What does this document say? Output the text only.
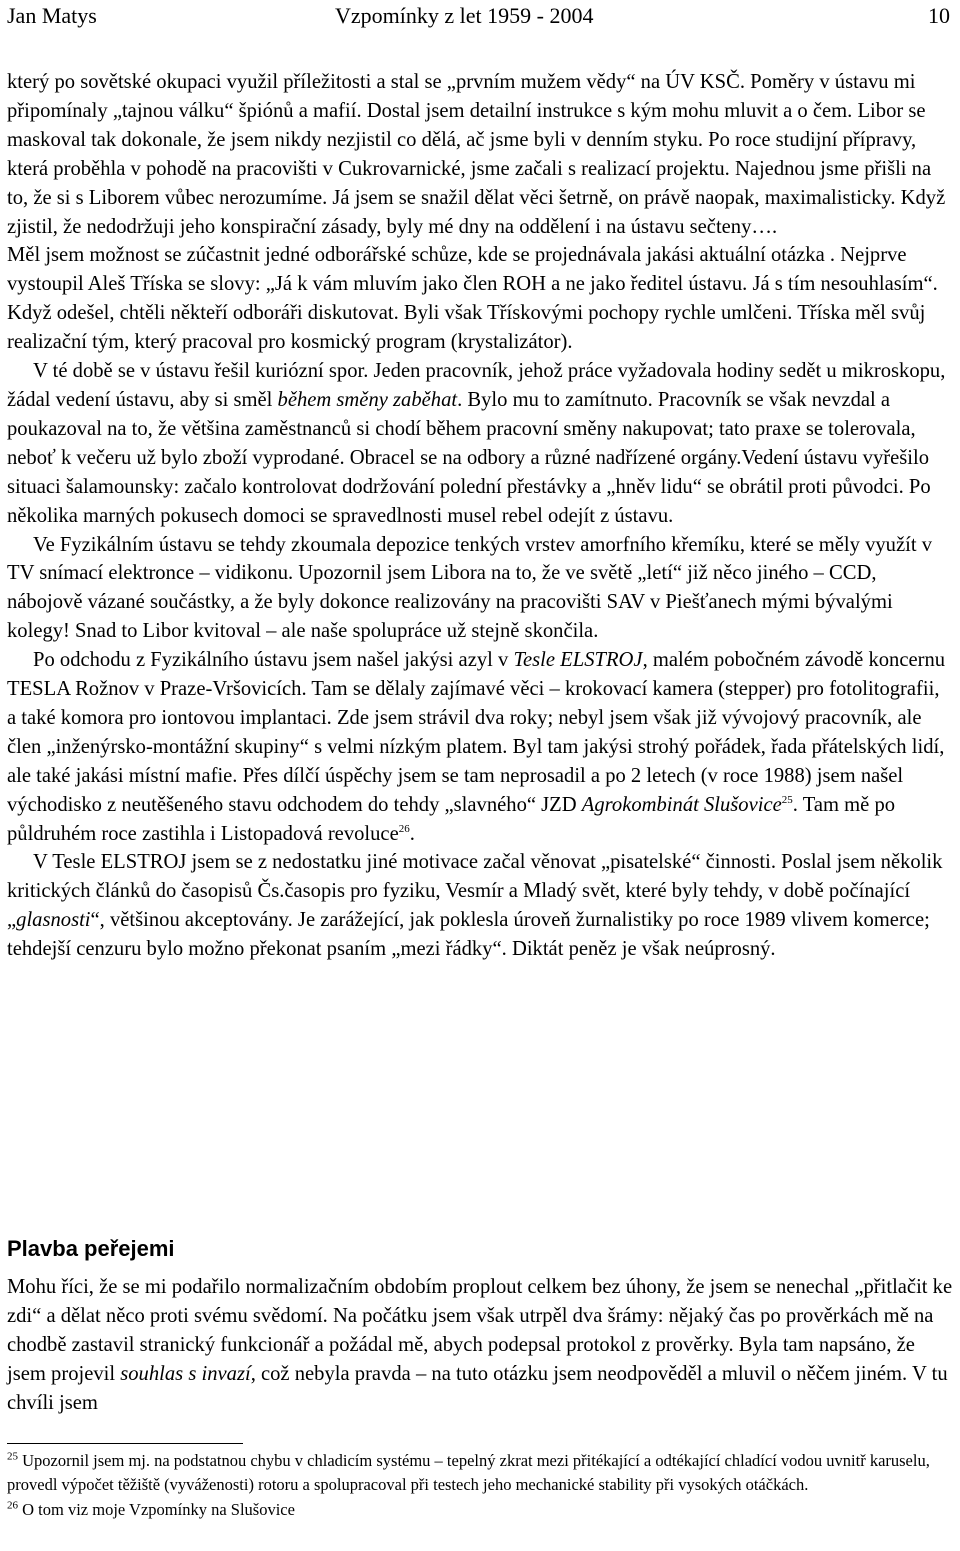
Jan Matys	Vzpomínky z let 1959 - 2004	10

který po sovětské okupaci využil příležitosti a stal se „prvním mužem vědy“ na ÚV KSČ. Poměry v ústavu mi připomínaly „tajnou válku“ špiónů a mafií. Dostal jsem detailní instrukce s kým mohu mluvit a o čem. Libor se maskoval tak dokonale, že jsem nikdy nezjistil co dělá, ač jsme byli v denním styku. Po roce studijní přípravy, která proběhla v pohodě na pracovišti v Cukrovarnické, jsme začali s realizací projektu. Najednou jsme přišli na to, že si s Liborem vůbec nerozumíme. Já jsem se snažil dělat věci šetrně, on právě naopak, maximalisticky. Když zjistil, že nedodržuji jeho konspirační zásady, byly mé dny na oddělení i na ústavu sečteny….

Měl jsem možnost se zúčastnit jedné odborářské schůze, kde se projednávala jakási aktuální otázka . Nejprve vystoupil Aleš Tříska se slovy: „Já k vám mluvím jako člen ROH a ne jako ředitel ústavu. Já s tím nesouhlasím“. Když odešel, chtěli někteří odboráři diskutovat. Byli však Třískovými pochopy rychle umlčeni. Tříska měl svůj realizační tým, který pracoval pro kosmický program (krystalizátor).

V té době se v ústavu řešil kuriózní spor. Jeden pracovník, jehož práce vyžadovala hodiny sedět u mikroskopu, žádal vedení ústavu, aby si směl během směny zaběhat. Bylo mu to zamítnuto. Pracovník se však nevzdal a poukazoval na to, že většina zaměstnanců si chodí během pracovní směny nakupovat; tato praxe se tolerovala, neboť k večeru už bylo zboží vyprodané. Obracel se na odbory a různé nadřízené orgány.Vedení ústavu vyřešilo situaci šalamounsky: začalo kontrolovat dodržování polední přestávky a „hněv lidu“ se obrátil proti původci. Po několika marných pokusech domoci se spravedlnosti musel rebel odejít z ústavu.

Ve Fyzikálním ústavu se tehdy zkoumala depozice tenkých vrstev amorfního křemíku, které se měly využít v TV snímací elektronce – vidikonu. Upozornil jsem Libora na to, že ve světě „letí“ již něco jiného – CCD, nábojově vázané součástky, a že byly dokonce realizovány na pracovišti SAV v Piešťanech mými bývalými kolegy! Snad to Libor kvitoval – ale naše spolupráce už stejně skončila.

Po odchodu z Fyzikálního ústavu jsem našel jakýsi azyl v Tesle ELSTROJ, malém pobočném závodě koncernu TESLA Rožnov v Praze-Vršovicích. Tam se dělaly zajímavé věci – krokovací kamera (stepper) pro fotolitografii, a také komora pro iontovou implantaci. Zde jsem strávil dva roky; nebyl jsem však již vývojový pracovník, ale člen „inženýrsko-montážní skupiny“ s velmi nízkým platem. Byl tam jakýsi strohý pořádek, řada přátelských lidí, ale také jakási místní mafie. Přes dílčí úspěchy jsem se tam neprosadil a po 2 letech (v roce 1988) jsem našel východisko z neutěšeného stavu odchodem do tehdy „slavného“ JZD Agrokombinát Slušovice$^{25}$. Tam mě po půldruhém roce zastihla i Listopadová revoluce$^{26}$.

V Tesle ELSTROJ jsem se z nedostatku jiné motivace začal věnovat „pisatelské“ činnosti. Poslal jsem několik kritických článků do časopisů Čs.časopis pro fyziku, Vesmír a Mladý svět, které byly tehdy, v době počínající „glasnosti“, většinou akceptovány. Je zarážející, jak poklesla úroveň žurnalistiky po roce 1989 vlivem komerce; tehdejší cenzuru bylo možno překonat psaním „mezi řádky“. Diktát peněz je však neúprosný.

Plavba peřejemi

Mohu říci, že se mi podařilo normalizačním obdobím proplout celkem bez úhony, že jsem se nenechal „přitlačit ke zdi“ a dělat něco proti svému svědomí. Na počátku jsem však utrpěl dva šrámy: nějaký čas po prověrkách mě na chodbě zastavil stranický funkcionář a požádal mě, abych podepsal protokol z prověrky. Byla tam napsáno, že jsem projevil souhlas s invazí, což nebyla pravda – na tuto otázku jsem neodpověděl a mluvil o něčem jiném. V tu chvíli jsem

$^{25}$ Upozornil jsem mj. na podstatnou chybu v chladicím systému – tepelný zkrat mezi přitékající a odtékající chladící vodou uvnitř karuselu, provedl výpočet těžiště (vyváženosti) rotoru a spolupracoval při testech jeho mechanické stability při vysokých otáčkách.

$^{26}$ O tom viz moje Vzpomínky na Slušovice
